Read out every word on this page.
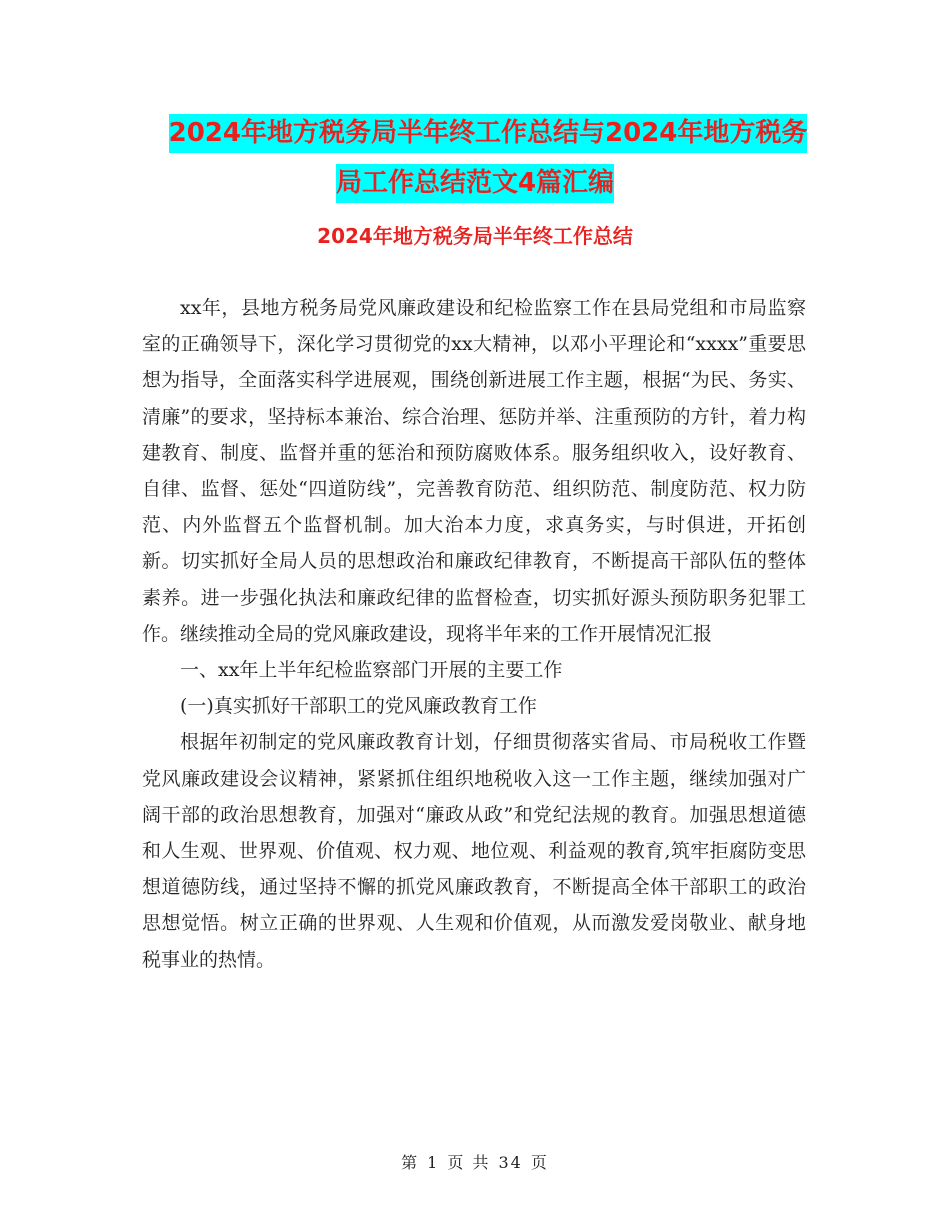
2024年地方税务局半年终工作总结与2024年地方税务
局工作总结范文4篇汇编
2024年地方税务局半年终工作总结

xx年，县地方税务局党风廉政建设和纪检监察工作在县局党组和市局监察室的正确领导下，深化学习贯彻党的xx大精神，以邓小平理论和“xxxx”重要思想为指导，全面落实科学进展观，围绕创新进展工作主题，根据“为民、务实、清廉”的要求，坚持标本兼治、综合治理、惩防并举、注重预防的方针，着力构建教育、制度、监督并重的惩治和预防腐败体系。服务组织收入，设好教育、自律、监督、惩处“四道防线”，完善教育防范、组织防范、制度防范、权力防范、内外监督五个监督机制。加大治本力度，求真务实，与时俱进，开拓创新。切实抓好全局人员的思想政治和廉政纪律教育，不断提高干部队伍的整体素养。进一步强化执法和廉政纪律的监督检查，切实抓好源头预防职务犯罪工作。继续推动全局的党风廉政建设，现将半年来的工作开展情况汇报

一、xx年上半年纪检监察部门开展的主要工作

(一)真实抓好干部职工的党风廉政教育工作

根据年初制定的党风廉政教育计划，仔细贯彻落实省局、市局税收工作暨党风廉政建设会议精神，紧紧抓住组织地税收入这一工作主题，继续加强对广阔干部的政治思想教育，加强对“廉政从政”和党纪法规的教育。加强思想道德和人生观、世界观、价值观、权力观、地位观、利益观的教育,筑牢拒腐防变思想道德防线，通过坚持不懈的抓党风廉政教育，不断提高全体干部职工的政治思想觉悟。树立正确的世界观、人生观和价值观，从而激发爱岗敬业、献身地税事业的热情。

第 1 页 共 34 页
